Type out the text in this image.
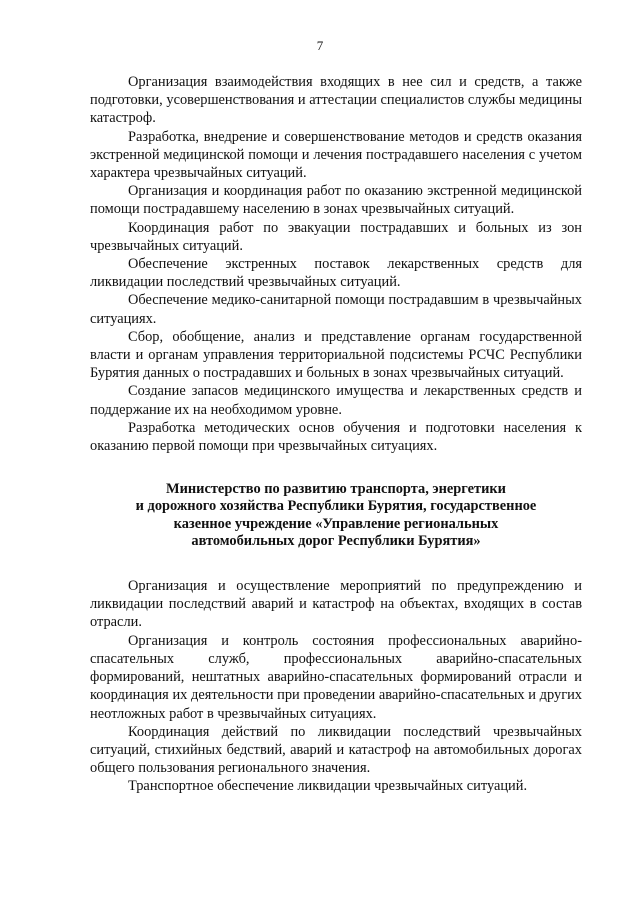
7

Организация взаимодействия входящих в нее сил и средств, а также подготовки, усовершенствования и аттестации специалистов службы медицины катастроф.

Разработка, внедрение и совершенствование методов и средств оказания экстренной медицинской помощи и лечения пострадавшего населения с учетом характера чрезвычайных ситуаций.

Организация и координация работ по оказанию экстренной медицинской помощи пострадавшему населению в зонах чрезвычайных ситуаций.

Координация работ по эвакуации пострадавших и больных из зон чрезвычайных ситуаций.

Обеспечение экстренных поставок лекарственных средств для ликвидации последствий чрезвычайных ситуаций.

Обеспечение медико-санитарной помощи пострадавшим в чрезвычайных ситуациях.

Сбор, обобщение, анализ и представление органам государственной власти и органам управления территориальной подсистемы РСЧС Республики Бурятия данных о пострадавших и больных в зонах чрезвычайных ситуаций.

Создание запасов медицинского имущества и лекарственных средств и поддержание их на необходимом уровне.

Разработка методических основ обучения и подготовки населения к оказанию первой помощи при чрезвычайных ситуациях.

Министерство по развитию транспорта, энергетики
и дорожного хозяйства Республики Бурятия, государственное
казенное учреждение «Управление региональных
автомобильных дорог Республики Бурятия»

Организация и осуществление мероприятий по предупреждению и ликвидации последствий аварий и катастроф на объектах, входящих в состав отрасли.

Организация и контроль состояния профессиональных аварийно-спасательных служб, профессиональных аварийно-спасательных формирований, нештатных аварийно-спасательных формирований отрасли и координация их деятельности при проведении аварийно-спасательных и других неотложных работ в чрезвычайных ситуациях.

Координация действий по ликвидации последствий чрезвычайных ситуаций, стихийных бедствий, аварий и катастроф на автомобильных дорогах общего пользования регионального значения.

Транспортное обеспечение ликвидации чрезвычайных ситуаций.
